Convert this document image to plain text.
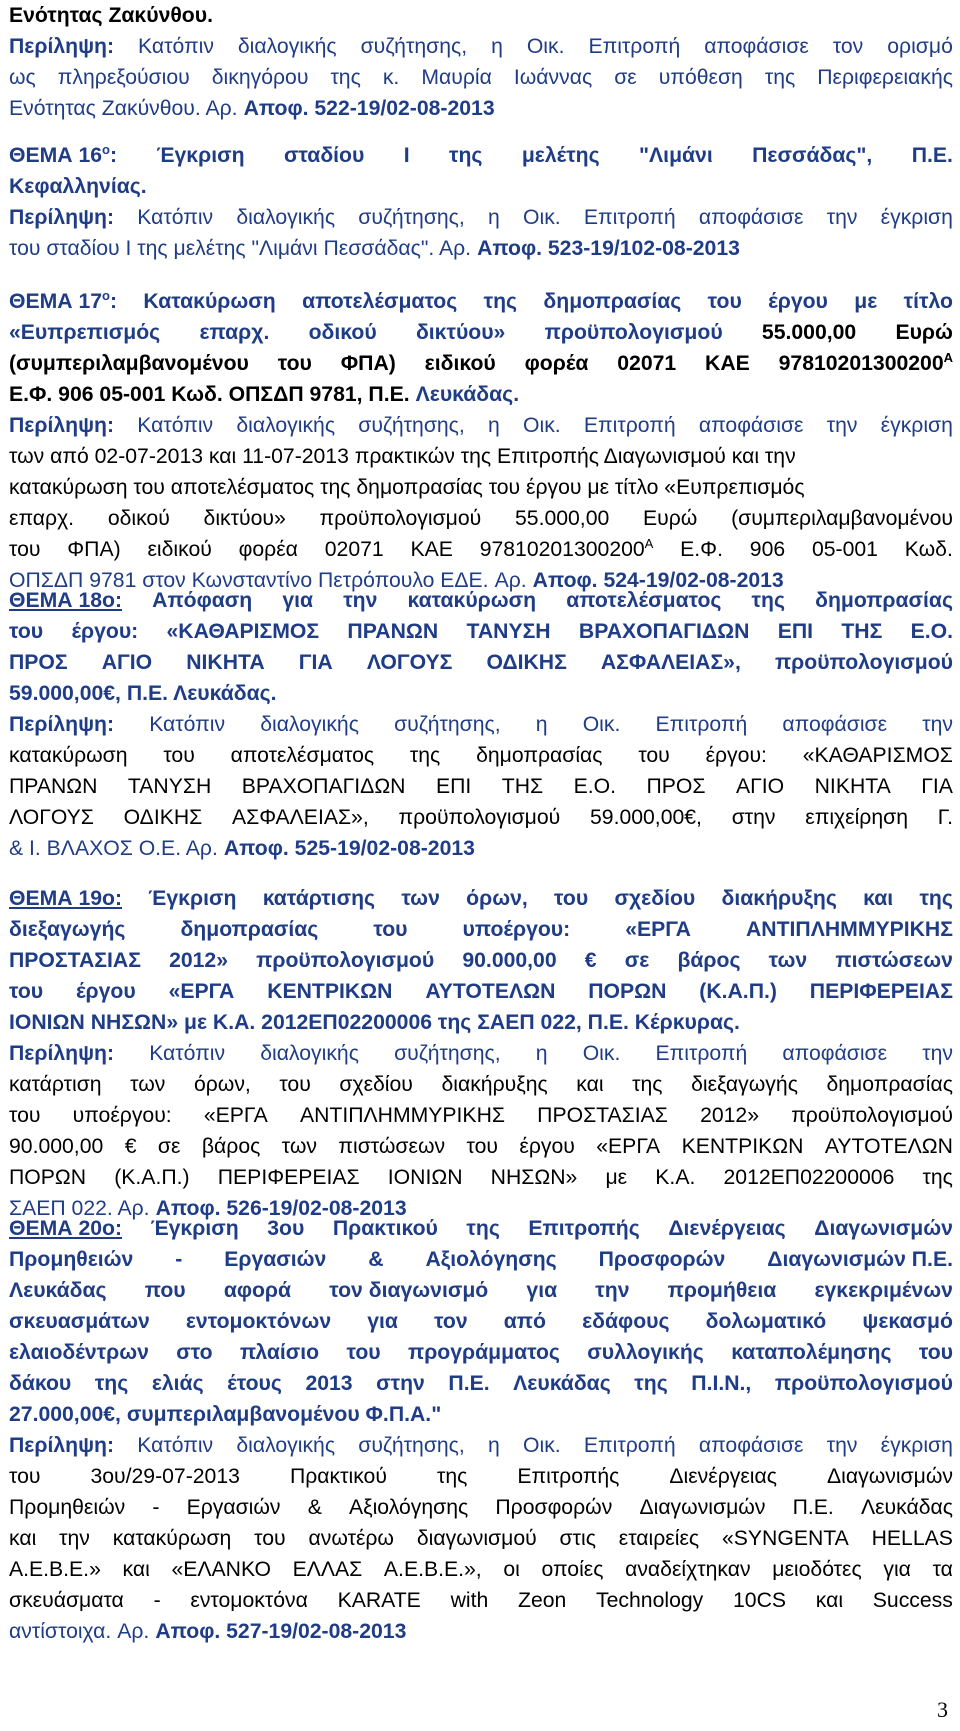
Ενότητας Ζακύνθου.
Περίληψη: Κατόπιν διαλογικής συζήτησης, η Οικ. Επιτροπή αποφάσισε τον ορισμό
ως πληρεξούσιου δικηγόρου της κ. Μαυρία Ιωάννας σε υπόθεση της Περιφερειακής
Ενότητας Ζακύνθου. Αρ. Αποφ. 522-19/02-08-2013
ΘΕΜΑ $16^o$: Έγκριση σταδίου Ι της μελέτης "Λιμάνι Πεσσάδας", Π.Ε.
Κεφαλληνίας.
Περίληψη: Κατόπιν διαλογικής συζήτησης, η Οικ. Επιτροπή αποφάσισε την έγκριση
του σταδίου Ι της μελέτης "Λιμάνι Πεσσάδας". Αρ. Αποφ. 523-19/102-08-2013
ΘΕΜΑ $17^o$: Κατακύρωση αποτελέσματος της δημοπρασίας του έργου με τίτλο
«Ευπρεπισμός επαρχ. οδικού δικτύου» προϋπολογισμού 55.000,00 Ευρώ
(συμπεριλαμβανομένου του ΦΠΑ) ειδικού φορέα 02071 ΚΑΕ $97810201300200^A$
Ε.Φ. 906 05-001 Κωδ. ΟΠΣΔΠ 9781, Π.Ε. Λευκάδας.
Περίληψη: Κατόπιν διαλογικής συζήτησης, η Οικ. Επιτροπή αποφάσισε την έγκριση
των από 02-07-2013 και 11-07-2013 πρακτικών της Επιτροπής Διαγωνισμού και την
κατακύρωση του αποτελέσματος της δημοπρασίας του έργου με τίτλο «Ευπρεπισμός
επαρχ. οδικού δικτύου» προϋπολογισμού 55.000,00 Ευρώ (συμπεριλαμβανομένου
του ΦΠΑ) ειδικού φορέα 02071 ΚΑΕ $97810201300200^A$ Ε.Φ. 906 05-001 Κωδ.
ΟΠΣΔΠ 9781 στον Κωνσταντίνο Πετρόπουλο ΕΔΕ. Αρ. Αποφ. 524-19/02-08-2013
ΘΕΜΑ 18ο: Απόφαση για την κατακύρωση αποτελέσματος της δημοπρασίας
του έργου: «ΚΑΘΑΡΙΣΜΟΣ ΠΡΑΝΩΝ ΤΑΝΥΣΗ ΒΡΑΧΟΠΑΓΙΔΩΝ ΕΠΙ ΤΗΣ Ε.Ο.
ΠΡΟΣ ΑΓΙΟ ΝΙΚΗΤΑ ΓΙΑ ΛΟΓΟΥΣ ΟΔΙΚΗΣ ΑΣΦΑΛΕΙΑΣ», προϋπολογισμού
59.000,00€, Π.Ε. Λευκάδας.
Περίληψη: Κατόπιν διαλογικής συζήτησης, η Οικ. Επιτροπή αποφάσισε την
κατακύρωση του αποτελέσματος της δημοπρασίας του έργου: «ΚΑΘΑΡΙΣΜΟΣ
ΠΡΑΝΩΝ ΤΑΝΥΣΗ ΒΡΑΧΟΠΑΓΙΔΩΝ ΕΠΙ ΤΗΣ Ε.Ο. ΠΡΟΣ ΑΓΙΟ ΝΙΚΗΤΑ ΓΙΑ
ΛΟΓΟΥΣ ΟΔΙΚΗΣ ΑΣΦΑΛΕΙΑΣ», προϋπολογισμού 59.000,00€, στην επιχείρηση Γ.
& Ι. ΒΛΑΧΟΣ Ο.Ε. Αρ. Αποφ. 525-19/02-08-2013
ΘΕΜΑ 19ο: Έγκριση κατάρτισης των όρων, του σχεδίου διακήρυξης και της
διεξαγωγής	δημοπρασίας	του	υποέργου:	«ΕΡΓΑ	ΑΝΤΙΠΛΗΜΜΥΡΙΚΗΣ
ΠΡΟΣΤΑΣΙΑΣ 2012» προϋπολογισμού 90.000,00 € σε βάρος των πιστώσεων
του έργου «ΕΡΓΑ ΚΕΝΤΡΙΚΩΝ ΑΥΤΟΤΕΛΩΝ ΠΟΡΩΝ (Κ.Α.Π.) ΠΕΡΙΦΕΡΕΙΑΣ
ΙΟΝΙΩΝ ΝΗΣΩΝ» με Κ.Α. 2012ΕΠ02200006 της ΣΑΕΠ 022, Π.Ε. Κέρκυρας.
Περίληψη: Κατόπιν διαλογικής συζήτησης, η Οικ. Επιτροπή αποφάσισε την
κατάρτιση των όρων, του σχεδίου διακήρυξης και της διεξαγωγής δημοπρασίας
του υποέργου: «ΕΡΓΑ ΑΝΤΙΠΛΗΜΜΥΡΙΚΗΣ ΠΡΟΣΤΑΣΙΑΣ 2012» προϋπολογισμού
90.000,00 € σε βάρος των πιστώσεων του έργου «ΕΡΓΑ ΚΕΝΤΡΙΚΩΝ ΑΥΤΟΤΕΛΩΝ
ΠΟΡΩΝ (Κ.Α.Π.) ΠΕΡΙΦΕΡΕΙΑΣ ΙΟΝΙΩΝ ΝΗΣΩΝ» με Κ.Α. 2012ΕΠ02200006 της
ΣΑΕΠ 022. Αρ. Αποφ. 526-19/02-08-2013
ΘΕΜΑ 20ο: Έγκριση 3ου Πρακτικού της Επιτροπής Διενέργειας Διαγωνισμών
Προμηθειών - Εργασιών & Αξιολόγησης Προσφορών Διαγωνισμών Π.Ε.
Λευκάδας που αφορά τον διαγωνισμό για την προμήθεια εγκεκριμένων
σκευασμάτων εντομοκτόνων για τον από εδάφους δολωματικό ψεκασμό
ελαιοδέντρων στο πλαίσιο του προγράμματος συλλογικής καταπολέμησης του
δάκου της ελιάς έτους 2013 στην Π.Ε. Λευκάδας της Π.Ι.Ν., προϋπολογισμού
27.000,00€, συμπεριλαμβανομένου Φ.Π.Α."
Περίληψη: Κατόπιν διαλογικής συζήτησης, η Οικ. Επιτροπή αποφάσισε την έγκριση
του 3ου/29-07-2013 Πρακτικού της Επιτροπής Διενέργειας Διαγωνισμών
Προμηθειών - Εργασιών & Αξιολόγησης Προσφορών Διαγωνισμών Π.Ε. Λευκάδας
και την κατακύρωση του ανωτέρω διαγωνισμού στις εταιρείες «SYNGENTA HELLAS
Α.Ε.Β.Ε.» και «ΕΛΑΝΚΟ ΕΛΛΑΣ Α.Ε.Β.Ε.», οι οποίες αναδείχτηκαν μειοδότες για τα
σκευάσματα - εντομοκτόνα KARATE with Zeon Technology 10CS και Success
αντίστοιχα. Αρ. Αποφ. 527-19/02-08-2013
3
